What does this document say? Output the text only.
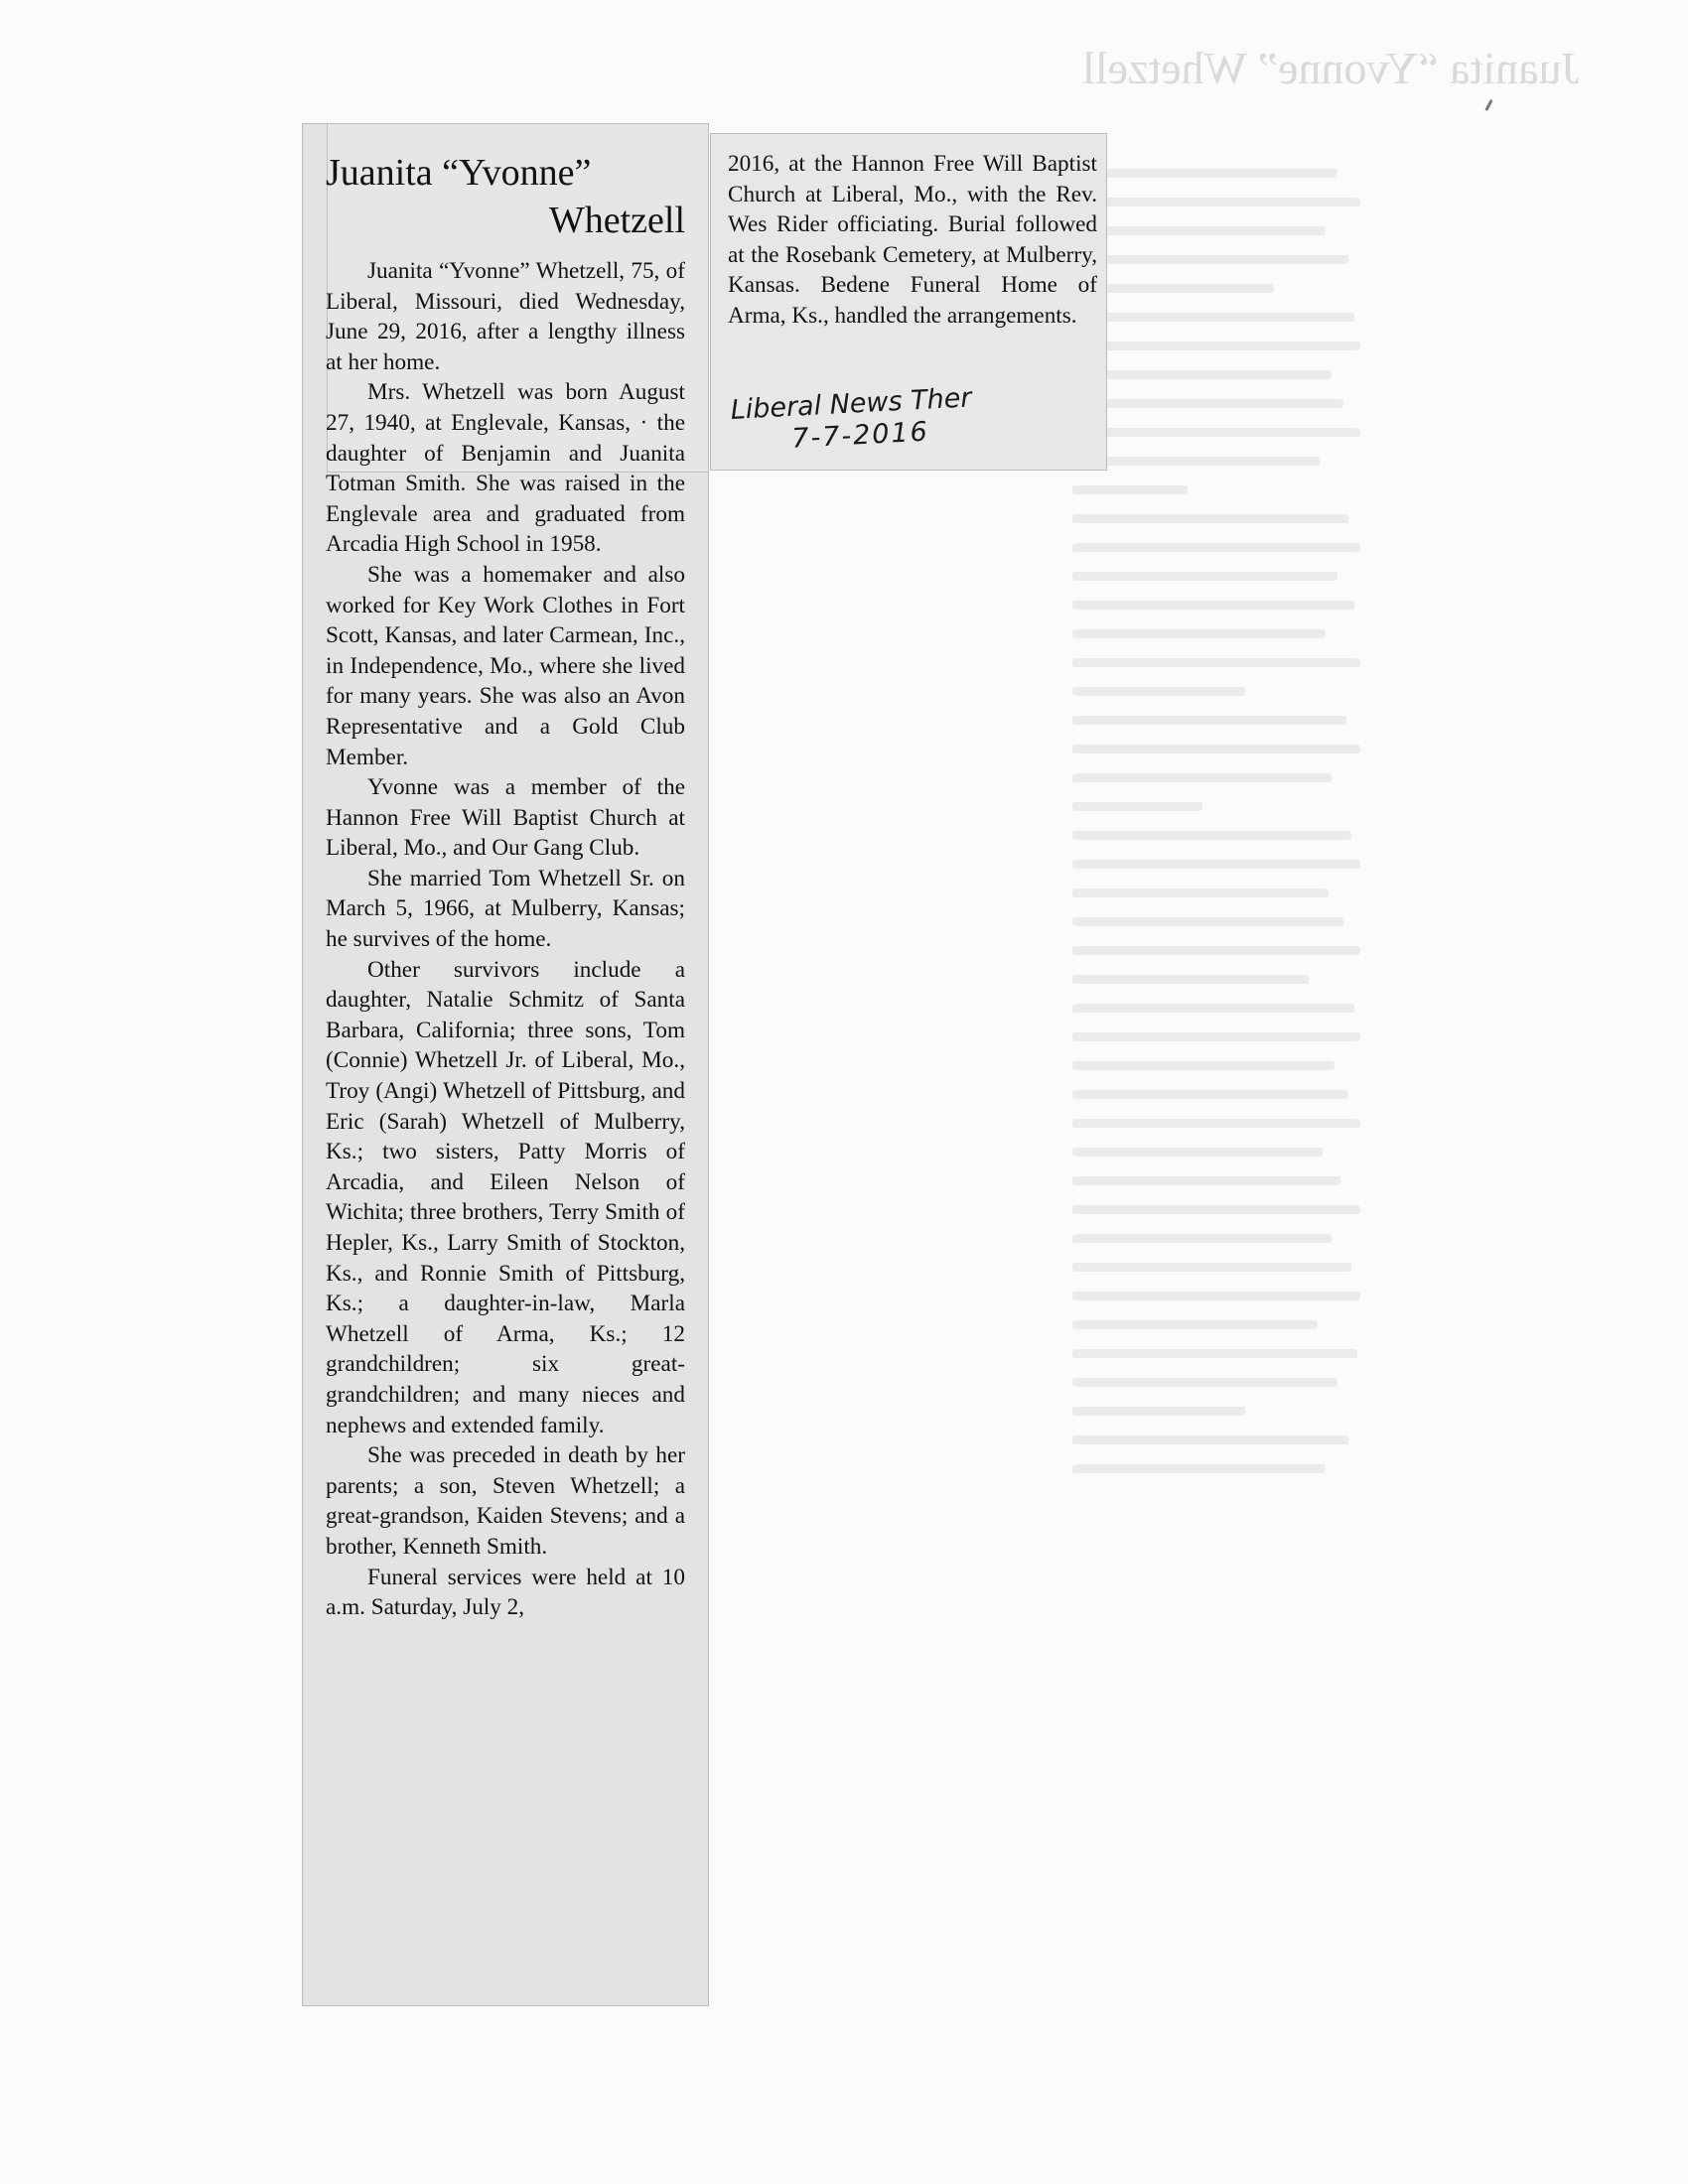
Juanita “Yvonne” Whetzell
Juanita “Yvonne”
Whetzell

Juanita “Yvonne” Whetzell, 75, of Liberal, Missouri, died Wednesday, June 29, 2016, after a lengthy illness at her home.

Mrs. Whetzell was born August 27, 1940, at Englevale, Kansas, · the daughter of Benjamin and Juanita Totman Smith. She was raised in the Englevale area and graduated from Arcadia High School in 1958.

She was a homemaker and also worked for Key Work Clothes in Fort Scott, Kansas, and later Carmean, Inc., in Independence, Mo., where she lived for many years. She was also an Avon Representative and a Gold Club Member.

Yvonne was a member of the Hannon Free Will Baptist Church at Liberal, Mo., and Our Gang Club.

She married Tom Whetzell Sr. on March 5, 1966, at Mulberry, Kansas; he survives of the home.

Other survivors include a daughter, Natalie Schmitz of Santa Barbara, California; three sons, Tom (Connie) Whetzell Jr. of Liberal, Mo., Troy (Angi) Whetzell of Pittsburg, and Eric (Sarah) Whetzell of Mulberry, Ks.; two sisters, Patty Morris of Arcadia, and Eileen Nelson of Wichita; three brothers, Terry Smith of Hepler, Ks., Larry Smith of Stockton, Ks., and Ronnie Smith of Pittsburg, Ks.; a daughter-in-law, Marla Whetzell of Arma, Ks.; 12 grandchildren; six great-grandchildren; and many nieces and nephews and extended family.

She was preceded in death by her parents; a son, Steven Whetzell; a great-grandson, Kaiden Stevens; and a brother, Kenneth Smith.

Funeral services were held at 10 a.m. Saturday, July 2,

2016, at the Hannon Free Will Baptist Church at Liberal, Mo., with the Rev. Wes Rider officiating. Burial followed at the Rosebank Cemetery, at Mulberry, Kansas. Bedene Funeral Home of Arma, Ks., handled the arrangements.

Liberal News Ther
7-7-2016
